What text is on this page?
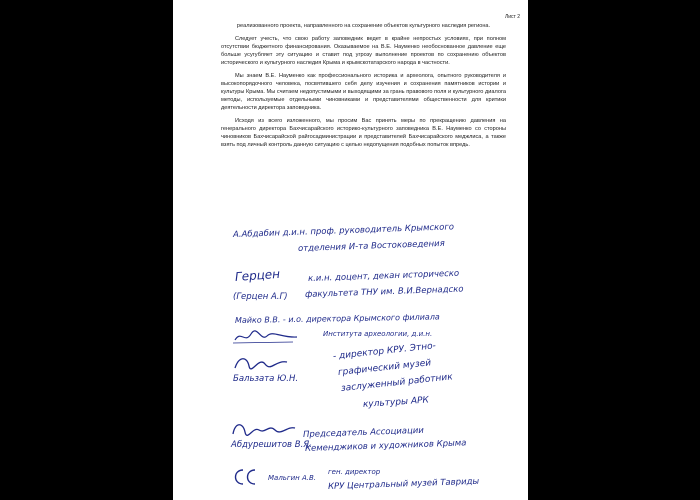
Лист 2

реализованного проекта, направленного на сохранение объектов культурного наследия региона.

Следует учесть, что свою работу заповедник ведет в крайне непростых условиях, при полном отсутствии бюджетного финансирования. Оказываемое на В.Е. Науменко необоснованное давление еще больше усугубляет эту ситуацию и ставит под угрозу выполнение проектов по сохранению объектов исторического и культурного наследия Крыма и крымскотатарского народа в частности.

Мы знаем В.Е. Науменко как профессионального историка и археолога, опытного руководителя и высокопорядочного человека, посвятившего себя делу изучения и сохранения памятников истории и культуры Крыма. Мы считаем недопустимыми и выходящими за грань правового поля и культурного диалога методы, используемые отдельными чиновниками и представителями общественности для критики деятельности директора заповедника.

Исходя из всего изложенного, мы просим Вас принять меры по прекращению давления на генерального директора Бахчисарайского историко-культурного заповедника В.Е. Науменко со стороны чиновников Бахчисарайской райгосадминистрации и представителей Бахчисарайского меджлиса, а также взять под личный контроль данную ситуацию с целью недопущения подобных попыток впредь.

А.Абдабин д.и.н. проф. руководитель Крымского
отделения И-та Востоковедения
Герцен
(Герцен А.Г)
к.и.н. доцент, декан историческо
факультета ТНУ им. В.И.Вернадско
Майко В.В. - и.о. директора Крымского филиала
Института археологии, д.и.н.
Бальзата Ю.Н.
- директор КРУ. Этно-
графический музей
заслуженный работник
культуры АРК
Абдурешитов В.Я.
Председатель Ассоциации
Кеменджиков и художников Крыма
Мальгин А.В.
ген. директор
КРУ Центральный музей Тавриды
